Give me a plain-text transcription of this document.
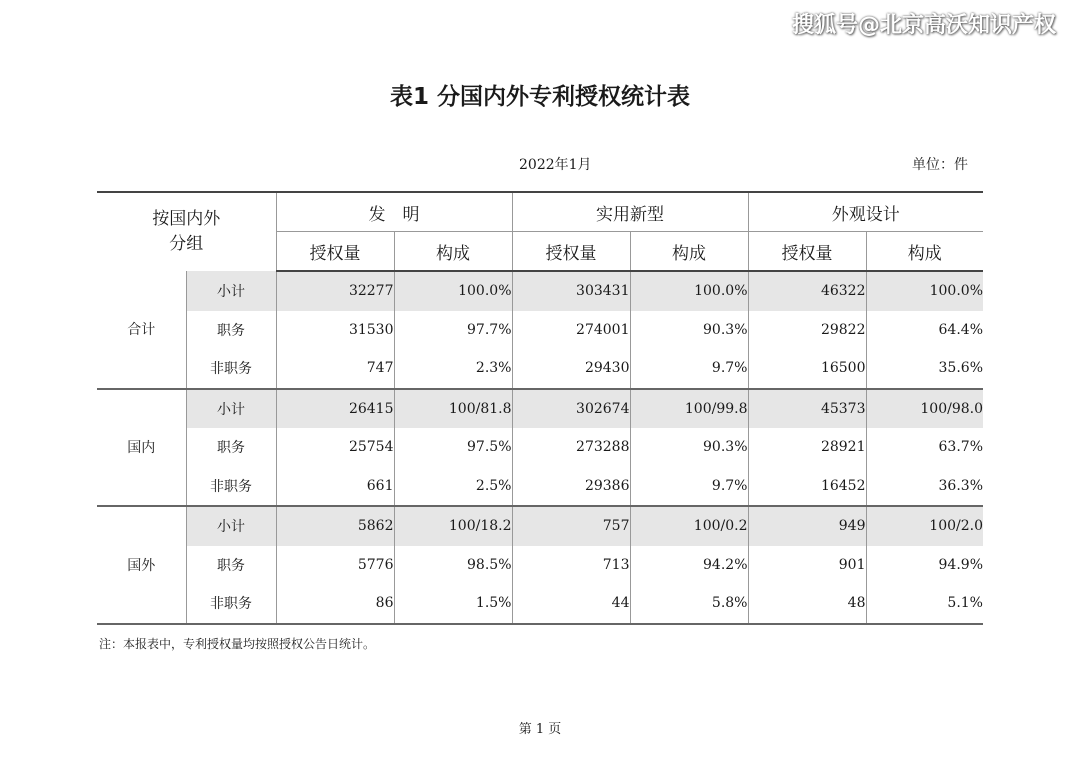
搜狐号@北京高沃知识产权
表1 分国内外专利授权统计表
2022年1月	单位：件
按国内外
分组		发　明		实用新型		外观设计	
		授权量	构成	授权量	构成	授权量	构成
合计	小计	32277	100.0%	303431	100.0%	46322	100.0%
	职务	31530	97.7%	274001	90.3%	29822	64.4%
	非职务	747	2.3%	29430	9.7%	16500	35.6%
国内	小计	26415	100/81.8	302674	100/99.8	45373	100/98.0
	职务	25754	97.5%	273288	90.3%	28921	63.7%
	非职务	661	2.5%	29386	9.7%	16452	36.3%
国外	小计	5862	100/18.2	757	100/0.2	949	100/2.0
	职务	5776	98.5%	713	94.2%	901	94.9%
	非职务	86	1.5%	44	5.8%	48	5.1%
注：本报表中，专利授权量均按照授权公告日统计。
第 1 页
